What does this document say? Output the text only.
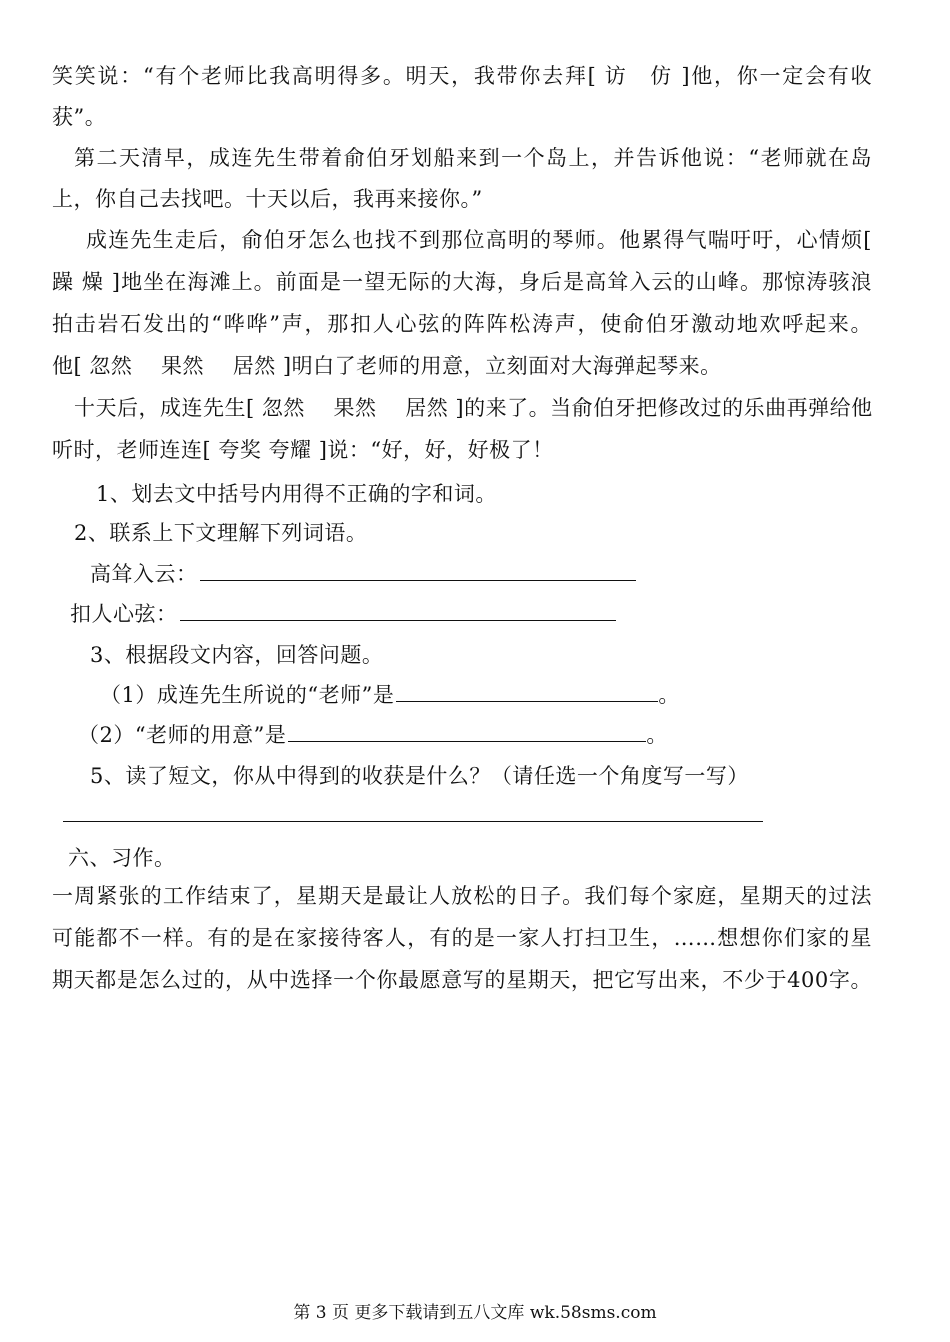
笑笑说：“有个老师比我高明得多。明天，我带你去拜[ 访　仿 ]他，你一定会有收
获”。
第二天清早，成连先生带着俞伯牙划船来到一个岛上，并告诉他说：“老师就在岛
上，你自己去找吧。十天以后，我再来接你。”
成连先生走后，俞伯牙怎么也找不到那位高明的琴师。他累得气喘吁吁，心情烦[
躁 燥 ]地坐在海滩上。前面是一望无际的大海，身后是高耸入云的山峰。那惊涛骇浪
拍击岩石发出的“哗哗”声，那扣人心弦的阵阵松涛声，使俞伯牙激动地欢呼起来。
他[ 忽然　 果然　 居然 ]明白了老师的用意，立刻面对大海弹起琴来。
十天后，成连先生[ 忽然　 果然　 居然 ]的来了。当俞伯牙把修改过的乐曲再弹给他
听时，老师连连[ 夸奖 夸耀 ]说：“好，好，好极了！
1、划去文中括号内用得不正确的字和词。
2、联系上下文理解下列词语。
高耸入云：
扣人心弦：
3、根据段文内容，回答问题。
（1）成连先生所说的“老师”是	。
（2）“老师的用意”是	。
5、读了短文，你从中得到的收获是什么？（请任选一个角度写一写）
六、习作。
一周紧张的工作结束了，星期天是最让人放松的日子。我们每个家庭，星期天的过法
可能都不一样。有的是在家接待客人，有的是一家人打扫卫生，……想想你们家的星
期天都是怎么过的，从中选择一个你最愿意写的星期天，把它写出来，不少于400字。
第 3 页 更多下载请到五八文库 wk.58sms.com
